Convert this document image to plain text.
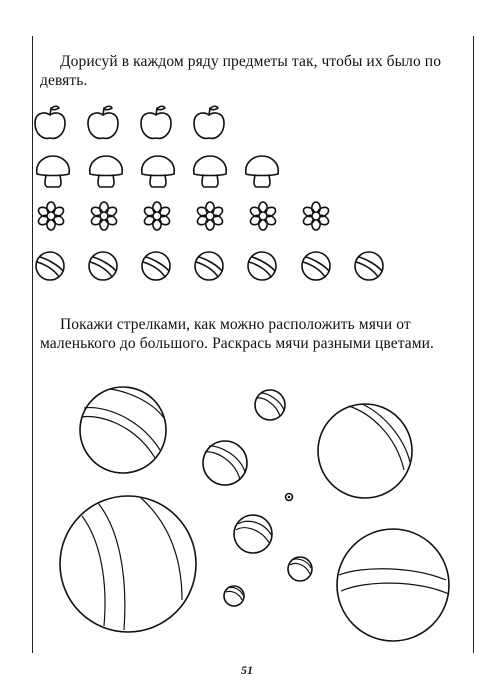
Дорисуй в каждом ряду предметы так, чтобы их было по девять.
Покажи стрелками, как можно расположить мячи от маленького до большого. Раскрась мячи разными цветами.
51
